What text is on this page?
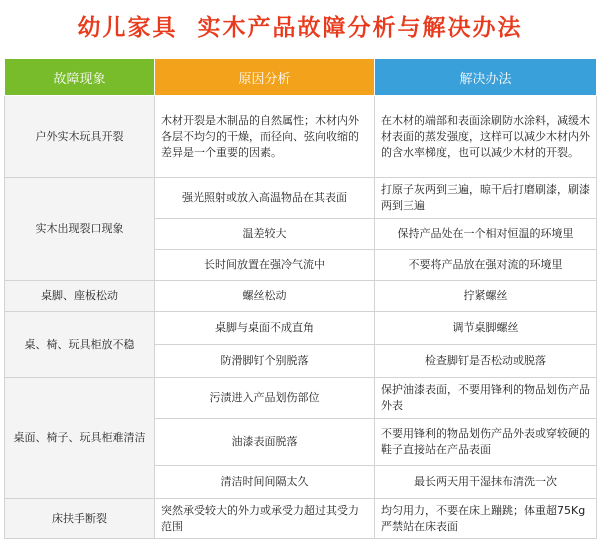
幼儿家具  实木产品故障分析与解决办法
故障现象	原因分析	解决办法
户外实木玩具开裂	木材开裂是木制品的自然属性；木材内外各层不均匀的干燥，而径向、弦向收缩的差异是一个重要的因素。	在木材的端部和表面涂刷防水涂料，减缓木材表面的蒸发强度，这样可以减少木材内外的含水率梯度，也可以减少木材的开裂。
实木出现裂口现象	强光照射或放入高温物品在其表面	打原子灰两到三遍，晾干后打磨刷漆，刷漆两到三遍
	温差较大	保持产品处在一个相对恒温的环境里
	长时间放置在强冷气流中	不要将产品放在强对流的环境里
桌脚、座板松动	螺丝松动	拧紧螺丝
桌、椅、玩具柜放不稳	桌脚与桌面不成直角	调节桌脚螺丝
	防滑脚钉个别脱落	检查脚钉是否松动或脱落
桌面、椅子、玩具柜难清洁	污渍进入产品划伤部位	保护油漆表面，不要用锋利的物品划伤产品外表
	油漆表面脱落	不要用锋利的物品划伤产品外表或穿较硬的鞋子直接站在产品表面
	清洁时间间隔太久	最长两天用干湿抹布清洗一次
床扶手断裂	突然承受较大的外力或承受力超过其受力范围	均匀用力，不要在床上蹦跳；体重超75Kg严禁站在床表面
